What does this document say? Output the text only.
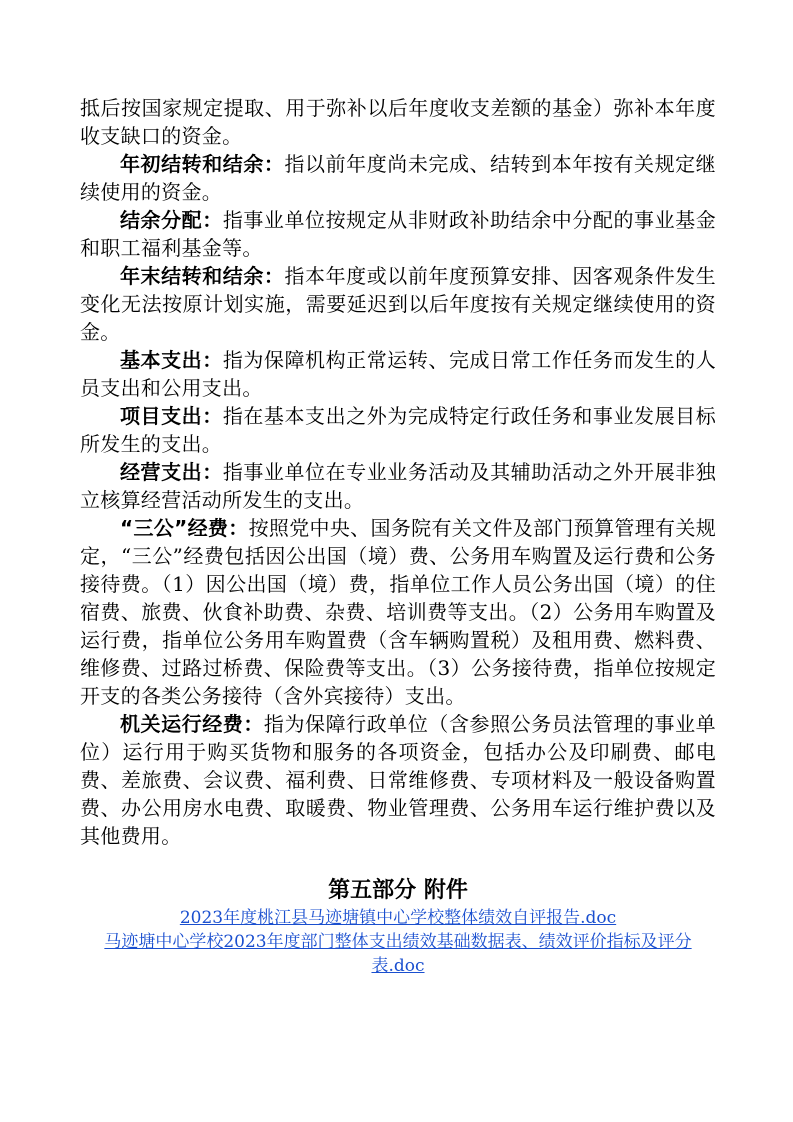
抵后按国家规定提取、用于弥补以后年度收支差额的基金）弥补本年度收支缺口的资金。

年初结转和结余：指以前年度尚未完成、结转到本年按有关规定继续使用的资金。

结余分配：指事业单位按规定从非财政补助结余中分配的事业基金和职工福利基金等。

年末结转和结余：指本年度或以前年度预算安排、因客观条件发生变化无法按原计划实施，需要延迟到以后年度按有关规定继续使用的资金。

基本支出：指为保障机构正常运转、完成日常工作任务而发生的人员支出和公用支出。

项目支出：指在基本支出之外为完成特定行政任务和事业发展目标所发生的支出。

经营支出：指事业单位在专业业务活动及其辅助活动之外开展非独立核算经营活动所发生的支出。

“三公”经费：按照党中央、国务院有关文件及部门预算管理有关规定，“三公”经费包括因公出国（境）费、公务用车购置及运行费和公务接待费。（1）因公出国（境）费，指单位工作人员公务出国（境）的住宿费、旅费、伙食补助费、杂费、培训费等支出。（2）公务用车购置及运行费，指单位公务用车购置费（含车辆购置税）及租用费、燃料费、维修费、过路过桥费、保险费等支出。（3）公务接待费，指单位按规定开支的各类公务接待（含外宾接待）支出。

机关运行经费：指为保障行政单位（含参照公务员法管理的事业单位）运行用于购买货物和服务的各项资金，包括办公及印刷费、邮电费、差旅费、会议费、福利费、日常维修费、专项材料及一般设备购置费、办公用房水电费、取暖费、物业管理费、公务用车运行维护费以及其他费用。

第五部分 附件
2023年度桃江县马迹塘镇中心学校整体绩效自评报告.doc
马迹塘中心学校2023年度部门整体支出绩效基础数据表、绩效评价指标及评分表.doc
